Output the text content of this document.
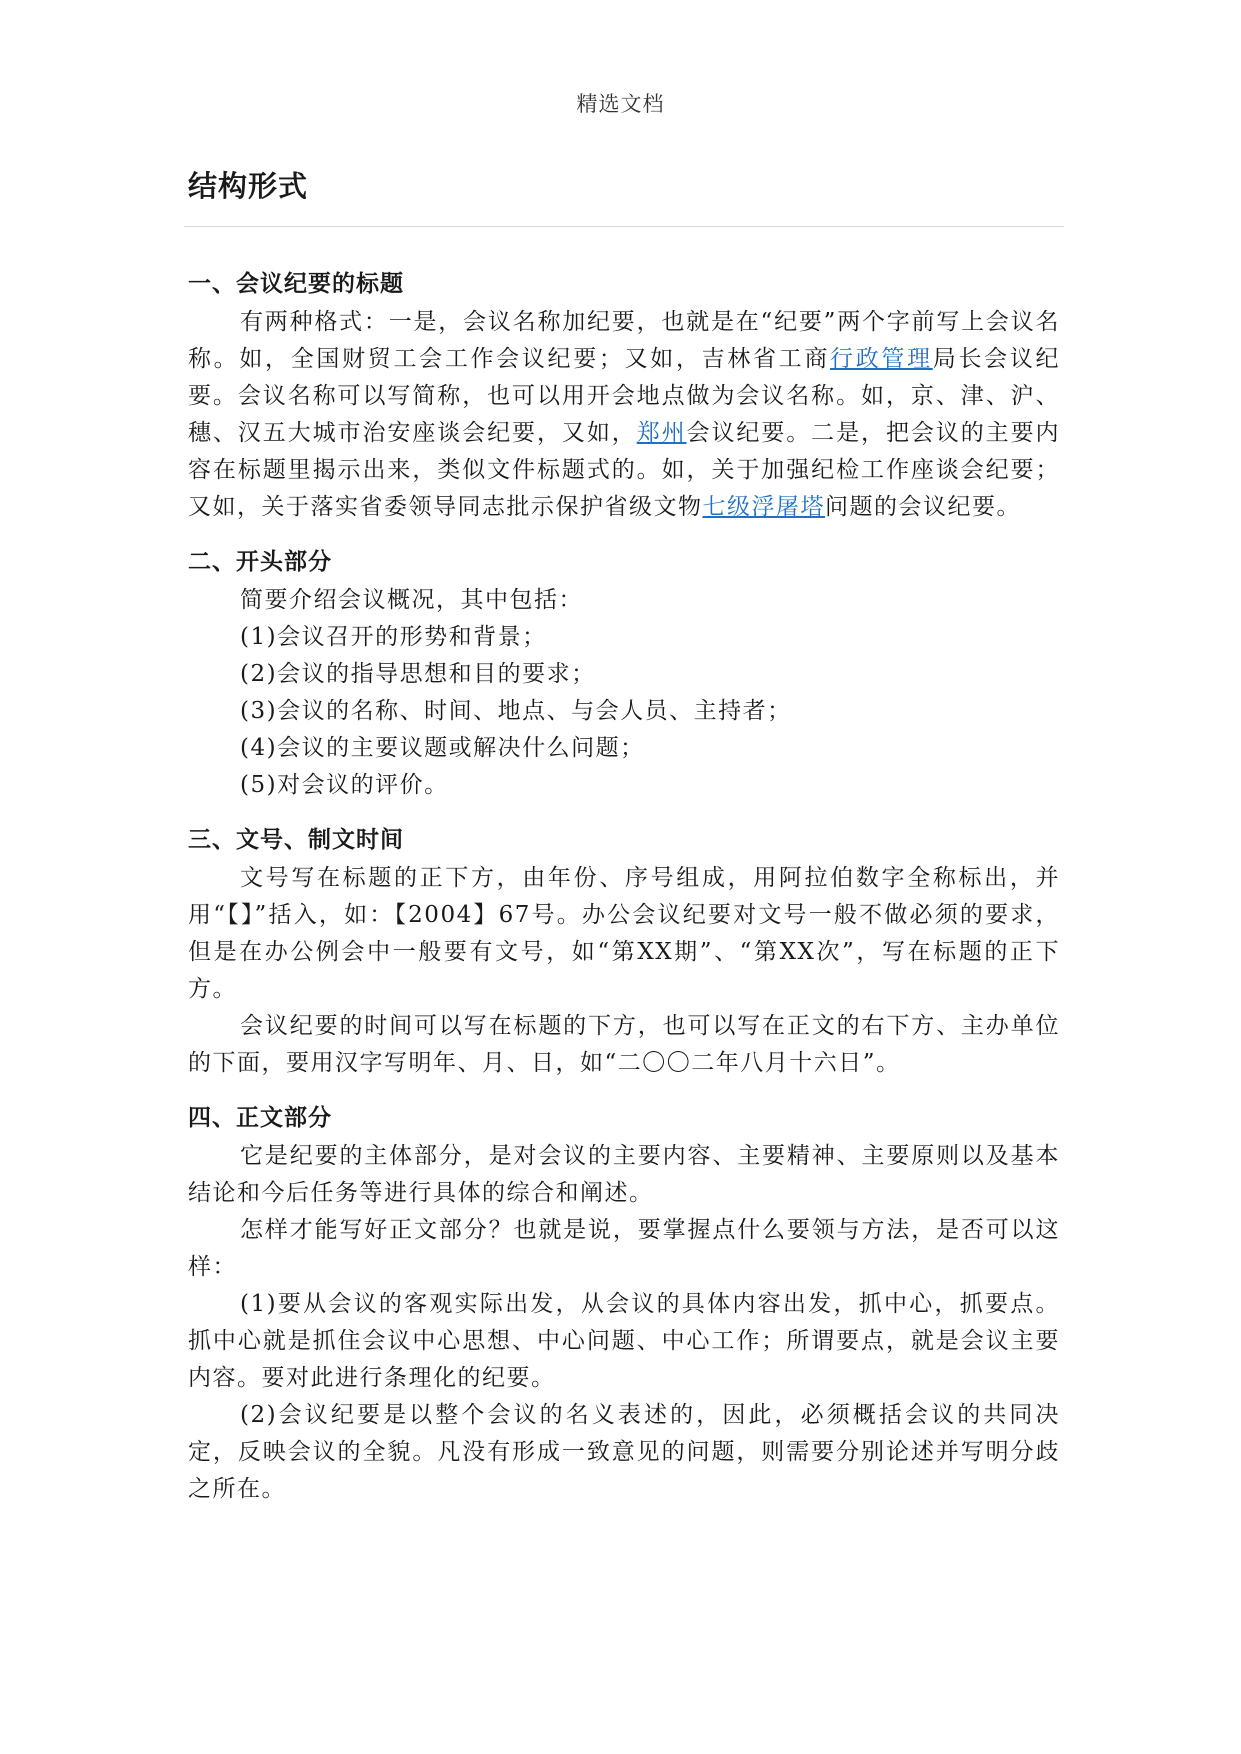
精选文档
结构形式
一、会议纪要的标题

有两种格式：一是，会议名称加纪要，也就是在“纪要”两个字前写上会议名称。如，全国财贸工会工作会议纪要；又如，吉林省工商行政管理局长会议纪要。会议名称可以写简称，也可以用开会地点做为会议名称。如，京、津、沪、穗、汉五大城市治安座谈会纪要，又如，郑州会议纪要。二是，把会议的主要内容在标题里揭示出来，类似文件标题式的。如，关于加强纪检工作座谈会纪要；又如，关于落实省委领导同志批示保护省级文物七级浮屠塔问题的会议纪要。

二、开头部分

简要介绍会议概况，其中包括：

(1)会议召开的形势和背景；

(2)会议的指导思想和目的要求；

(3)会议的名称、时间、地点、与会人员、主持者；

(4)会议的主要议题或解决什么问题；

(5)对会议的评价。

三、文号、制文时间

文号写在标题的正下方，由年份、序号组成，用阿拉伯数字全称标出，并用“【】”括入，如：【2004】67号。办公会议纪要对文号一般不做必须的要求，但是在办公例会中一般要有文号，如“第XX期”、“第XX次”，写在标题的正下方。

会议纪要的时间可以写在标题的下方，也可以写在正文的右下方、主办单位的下面，要用汉字写明年、月、日，如“二〇〇二年八月十六日”。

四、正文部分

它是纪要的主体部分，是对会议的主要内容、主要精神、主要原则以及基本结论和今后任务等进行具体的综合和阐述。

怎样才能写好正文部分？也就是说，要掌握点什么要领与方法，是否可以这样：

(1)要从会议的客观实际出发，从会议的具体内容出发，抓中心，抓要点。抓中心就是抓住会议中心思想、中心问题、中心工作；所谓要点，就是会议主要内容。要对此进行条理化的纪要。

(2)会议纪要是以整个会议的名义表述的，因此，必须概括会议的共同决定，反映会议的全貌。凡没有形成一致意见的问题，则需要分别论述并写明分歧之所在。
